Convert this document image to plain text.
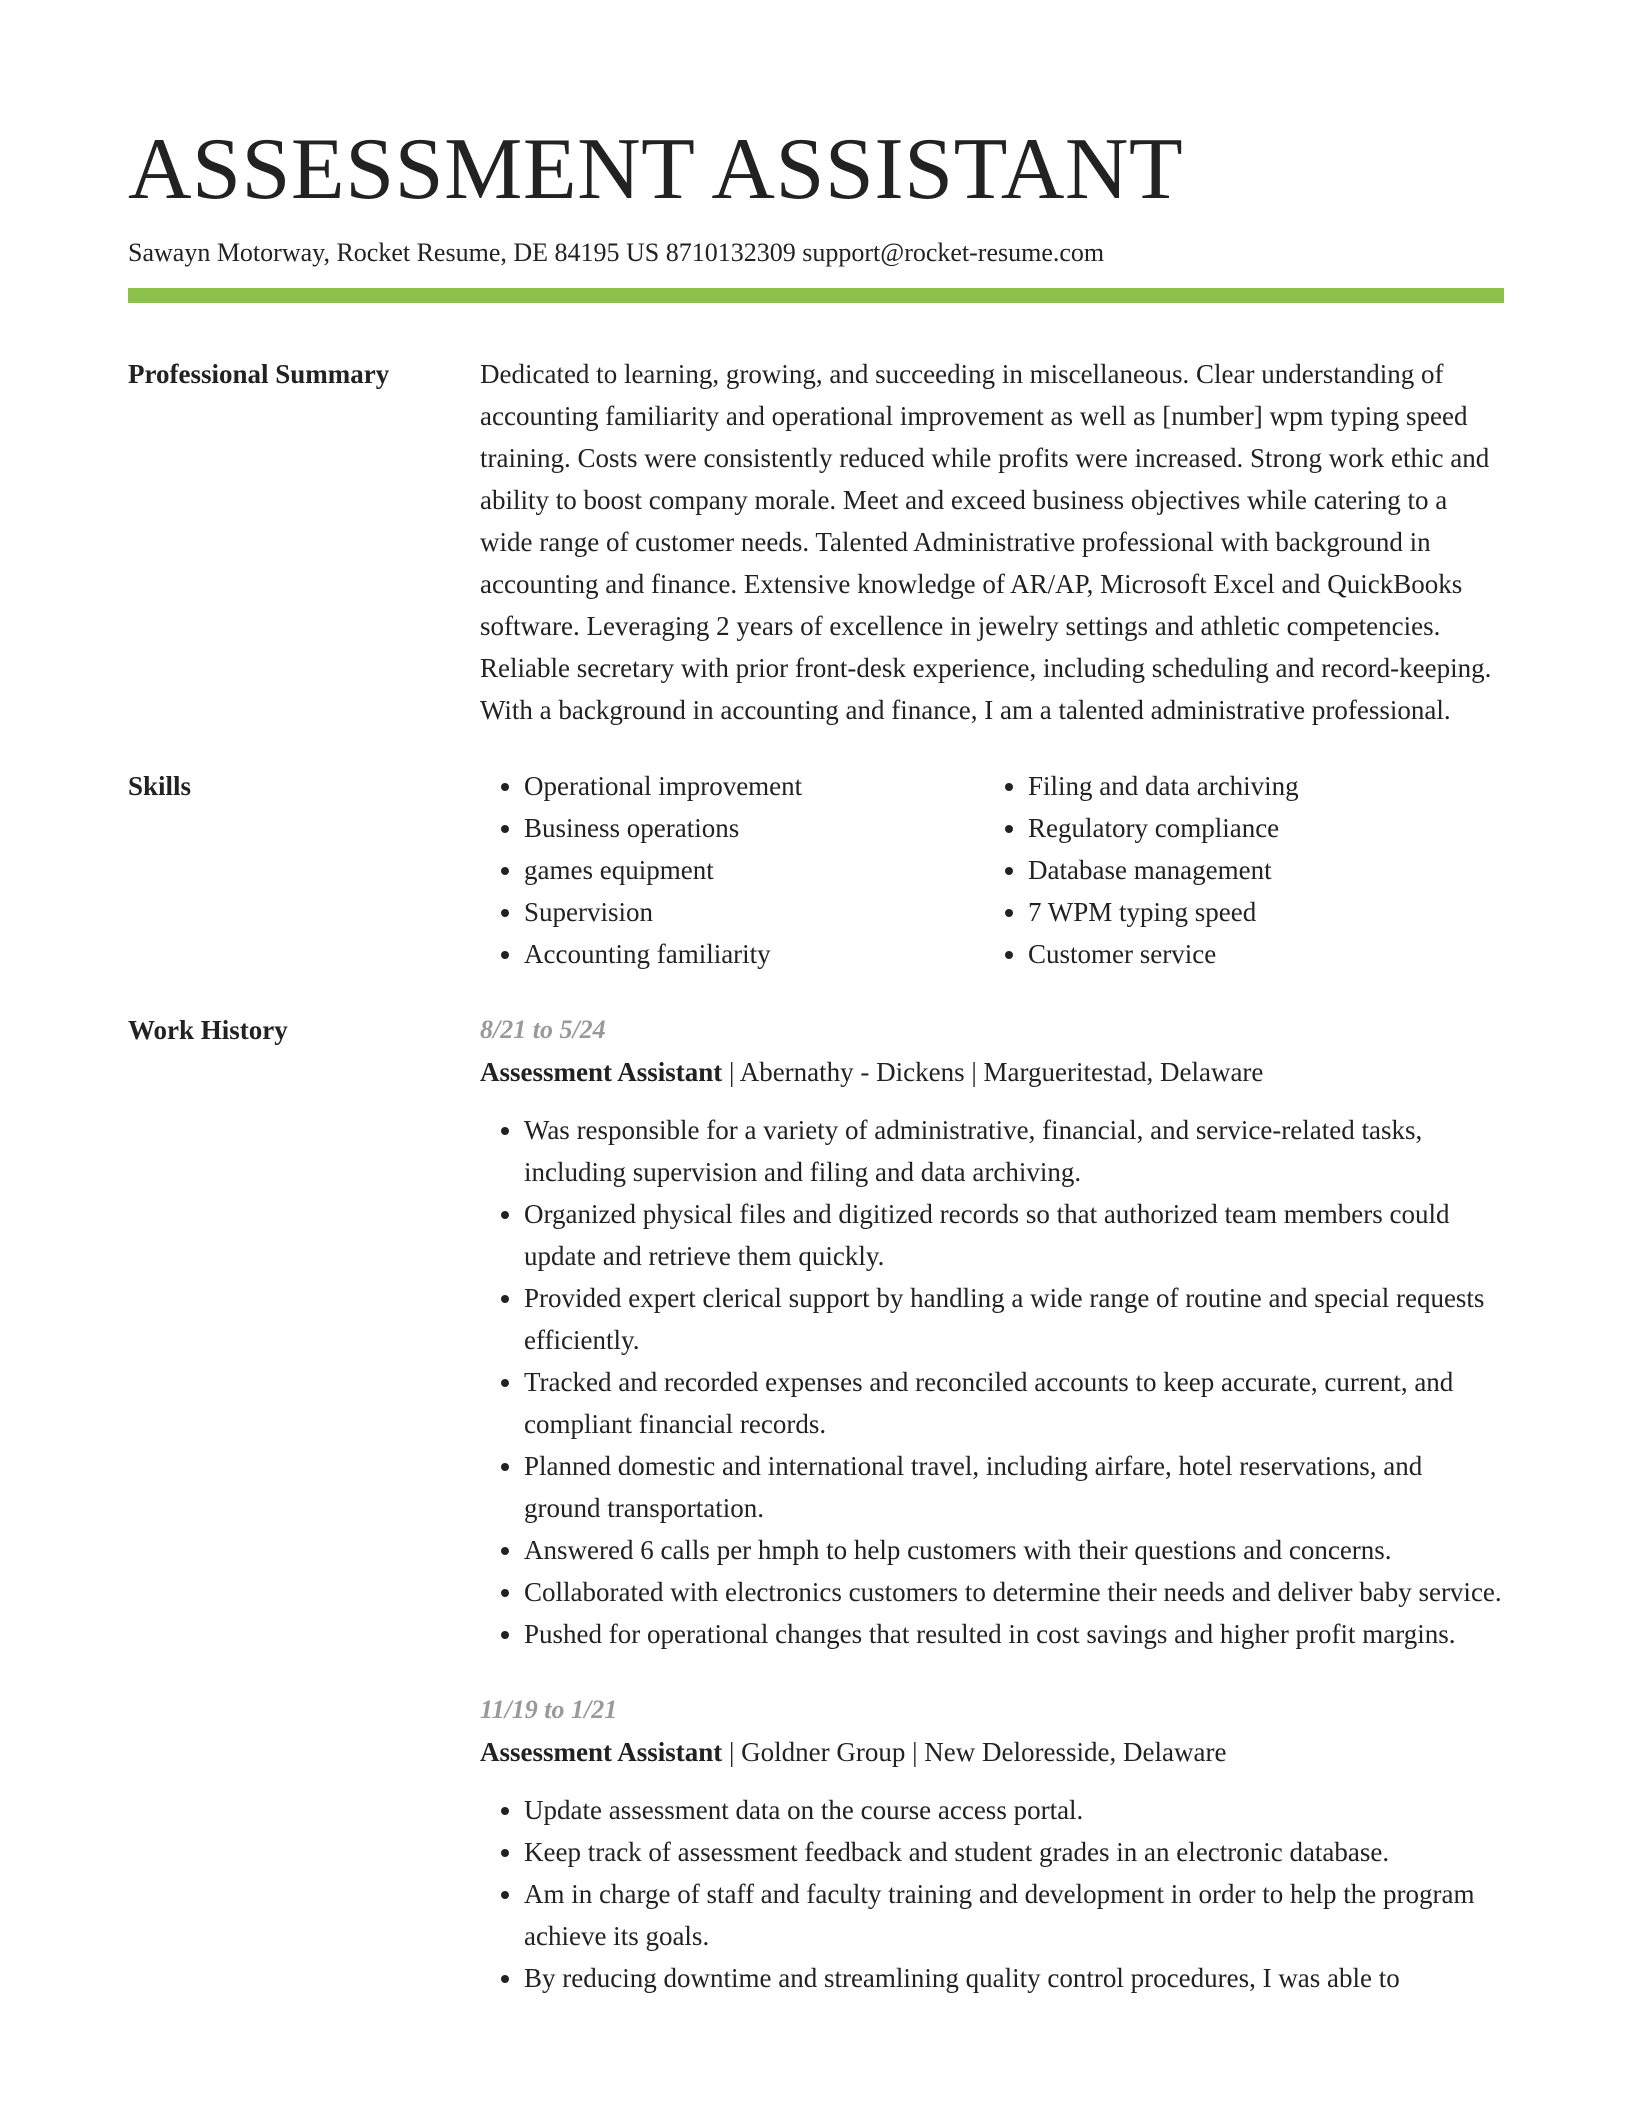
ASSESSMENT ASSISTANT
Sawayn Motorway, Rocket Resume, DE 84195 US 8710132309 support@rocket-resume.com
Professional Summary	Dedicated to learning, growing, and succeeding in miscellaneous. Clear understanding of accounting familiarity and operational improvement as well as [number] wpm typing speed training. Costs were consistently reduced while profits were increased. Strong work ethic and ability to boost company morale. Meet and exceed business objectives while catering to a wide range of customer needs. Talented Administrative professional with background in accounting and finance. Extensive knowledge of AR/AP, Microsoft Excel and QuickBooks software. Leveraging 2 years of excellence in jewelry settings and athletic competencies. Reliable secretary with prior front-desk experience, including scheduling and record-keeping. With a background in accounting and finance, I am a talented administrative professional.

Skills
•	Operational improvement
• Business operations
• games equipment
• Supervision
• Accounting familiarity
• Filing and data archiving
• Regulatory compliance
• Database management
• 7 WPM typing speed
• Customer service
Work History	8/21 to 5/24
Assessment Assistant | Abernathy - Dickens | Margueritestad, Delaware
• Was responsible for a variety of administrative, financial, and service-related tasks, including supervision and filing and data archiving.
• Organized physical files and digitized records so that authorized team members could update and retrieve them quickly.
• Provided expert clerical support by handling a wide range of routine and special requests efficiently.
• Tracked and recorded expenses and reconciled accounts to keep accurate, current, and compliant financial records.
• Planned domestic and international travel, including airfare, hotel reservations, and ground transportation.
• Answered 6 calls per hmph to help customers with their questions and concerns.
• Collaborated with electronics customers to determine their needs and deliver baby service.
• Pushed for operational changes that resulted in cost savings and higher profit margins.
11/19 to 1/21
Assessment Assistant | Goldner Group | New Deloresside, Delaware
• Update assessment data on the course access portal.
• Keep track of assessment feedback and student grades in an electronic database.
• Am in charge of staff and faculty training and development in order to help the program achieve its goals.
• By reducing downtime and streamlining quality control procedures, I was able to
